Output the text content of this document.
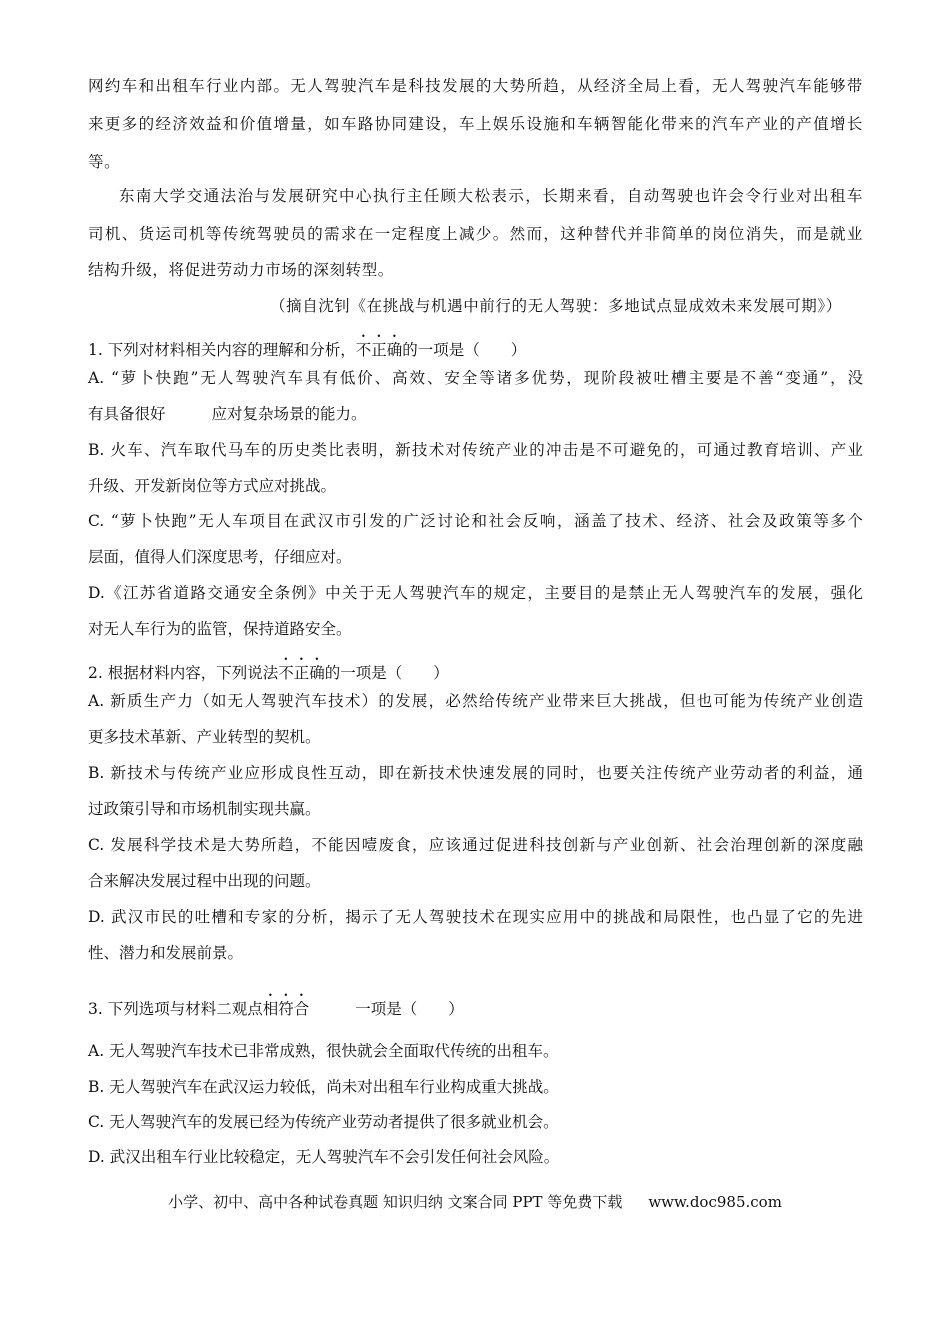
网约车和出租车行业内部。无人驾驶汽车是科技发展的大势所趋，从经济全局上看，无人驾驶汽车能够带
来更多的经济效益和价值增量，如车路协同建设，车上娱乐设施和车辆智能化带来的汽车产业的产值增长
等。
东南大学交通法治与发展研究中心执行主任顾大松表示，长期来看，自动驾驶也许会令行业对出租车
司机、货运司机等传统驾驶员的需求在一定程度上减少。然而，这种替代并非简单的岗位消失，而是就业
结构升级，将促进劳动力市场的深刻转型。
（摘自沈钊《在挑战与机遇中前行的无人驾驶：多地试点显成效未来发展可期》）
1. 下列对材料相关内容的理解和分析，不正确的一项是（　　）
A. “萝卜快跑”无人驾驶汽车具有低价、高效、安全等诸多优势，现阶段被吐槽主要是不善“变通”，没
有具备很好	应对复杂场景的能力。
B. 火车、汽车取代马车的历史类比表明，新技术对传统产业的冲击是不可避免的，可通过教育培训、产业
升级、开发新岗位等方式应对挑战。
C. “萝卜快跑”无人车项目在武汉市引发的广泛讨论和社会反响，涵盖了技术、经济、社会及政策等多个
层面，值得人们深度思考，仔细应对。
D.《江苏省道路交通安全条例》中关于无人驾驶汽车的规定，主要目的是禁止无人驾驶汽车的发展，强化
对无人车行为的监管，保持道路安全。
2. 根据材料内容，下列说法不正确的一项是（　　）
A. 新质生产力（如无人驾驶汽车技术）的发展，必然给传统产业带来巨大挑战，但也可能为传统产业创造
更多技术革新、产业转型的契机。
B. 新技术与传统产业应形成良性互动，即在新技术快速发展的同时，也要关注传统产业劳动者的利益，通
过政策引导和市场机制实现共赢。
C. 发展科学技术是大势所趋，不能因噎废食，应该通过促进科技创新与产业创新、社会治理创新的深度融
合来解决发展过程中出现的问题。
D. 武汉市民的吐槽和专家的分析，揭示了无人驾驶技术在现实应用中的挑战和局限性，也凸显了它的先进
性、潜力和发展前景。
3. 下列选项与材料二观点相符合	一项是（　　）
A. 无人驾驶汽车技术已非常成熟，很快就会全面取代传统的出租车。
B. 无人驾驶汽车在武汉运力较低，尚未对出租车行业构成重大挑战。
C. 无人驾驶汽车的发展已经为传统产业劳动者提供了很多就业机会。
D. 武汉出租车行业比较稳定，无人驾驶汽车不会引发任何社会风险。
小学、初中、高中各种试卷真题 知识归纳 文案合同 PPT 等免费下载 www.doc985.com
